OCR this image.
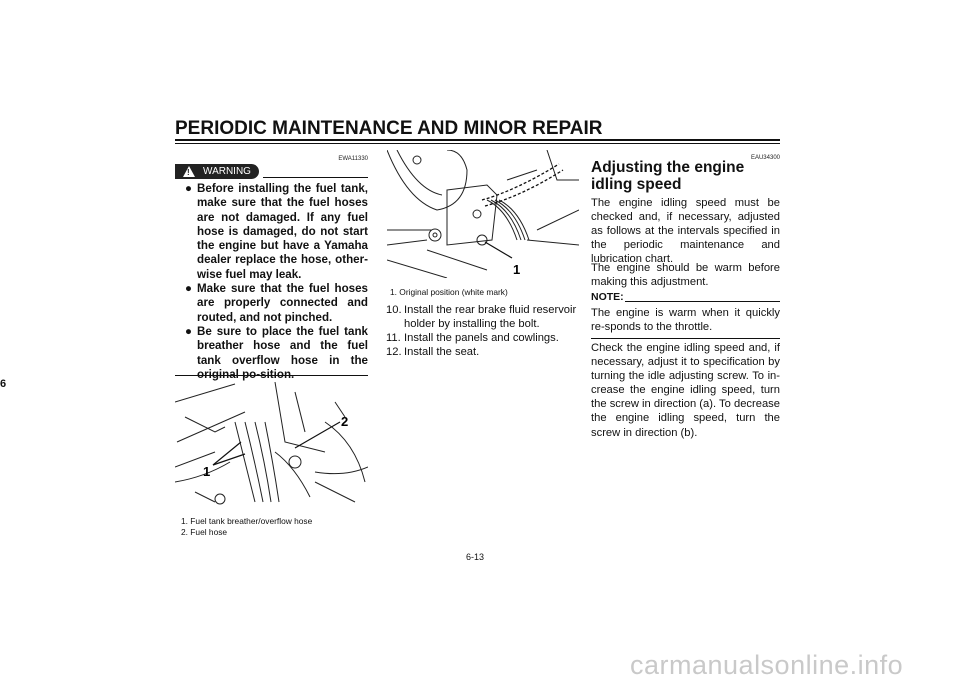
PERIODIC MAINTENANCE AND MINOR REPAIR
6
EWA11330
! WARNING
● Before installing the fuel tank, make sure that the fuel hoses are not damaged. If any fuel hose is damaged, do not start the engine but have a Yamaha dealer replace the hose, other-wise fuel may leak.
● Make sure that the fuel hoses are properly connected and routed, and not pinched.
● Be sure to place the fuel tank breather hose and the fuel tank overflow hose in the
1
2
1. Fuel tank breather/overflow hose
2. Fuel hose
1
1. Original position (white mark)
10. Install the rear brake fluid reservoir holder by installing the bolt.
11. Install the panels and cowlings.
12. Install the seat.
EAU34300
Adjusting the engine idling speed
The engine idling speed must be checked and, if necessary, adjusted as follows at the intervals specified in the periodic maintenance and lubrication chart.
The engine should be warm before making this adjustment.
NOTE:
The engine is warm when it quickly re-sponds to the throttle.
Check the engine idling speed and, if necessary, adjust it to specification by turning the idle adjusting screw. To in-crease the engine idling speed, turn the screw in direction (a). To decrease the engine idling speed, turn the screw in direction (b).
6-13
carmanualsonline.info
